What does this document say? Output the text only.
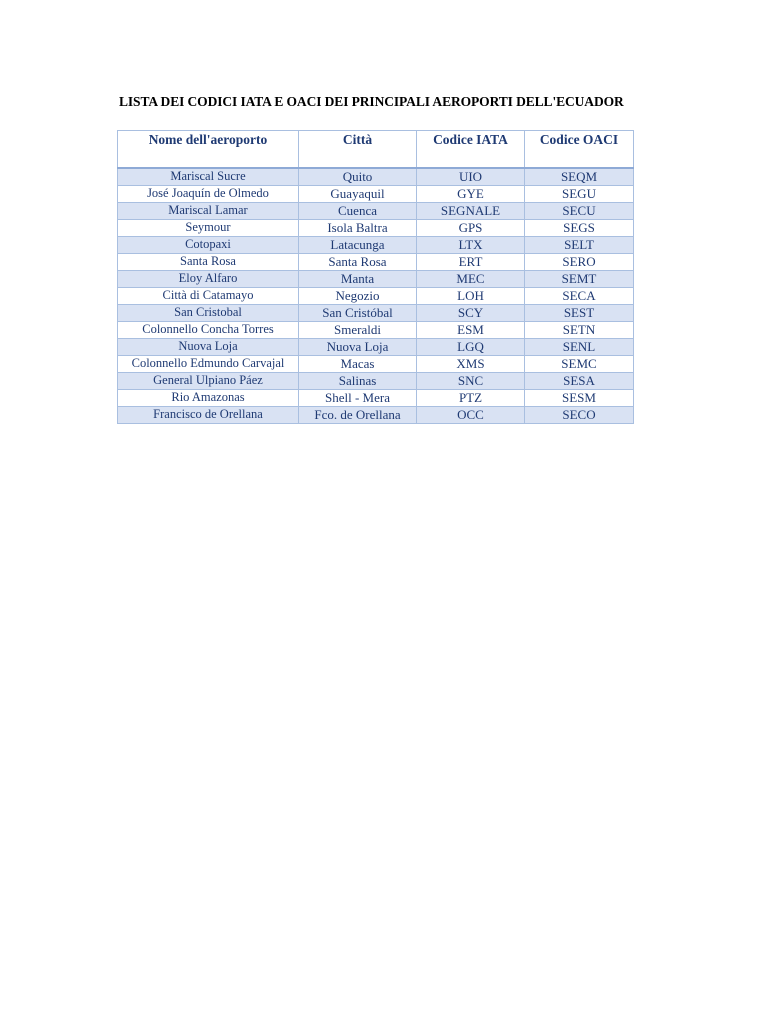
LISTA DEI CODICI IATA E OACI DEI PRINCIPALI AEROPORTI DELL'ECUADOR
Nome dell'aeroporto	Città	Codice IATA	Codice OACI
Mariscal Sucre	Quito	UIO	SEQM
José Joaquín de Olmedo	Guayaquil	GYE	SEGU
Mariscal Lamar	Cuenca	SEGNALE	SECU
Seymour	Isola Baltra	GPS	SEGS
Cotopaxi	Latacunga	LTX	SELT
Santa Rosa	Santa Rosa	ERT	SERO
Eloy Alfaro	Manta	MEC	SEMT
Città di Catamayo	Negozio	LOH	SECA
San Cristobal	San Cristóbal	SCY	SEST
Colonnello Concha Torres	Smeraldi	ESM	SETN
Nuova Loja	Nuova Loja	LGQ	SENL
Colonnello Edmundo Carvajal	Macas	XMS	SEMC
General Ulpiano Páez	Salinas	SNC	SESA
Rio Amazonas	Shell - Mera	PTZ	SESM
Francisco de Orellana	Fco. de Orellana	OCC	SECO
